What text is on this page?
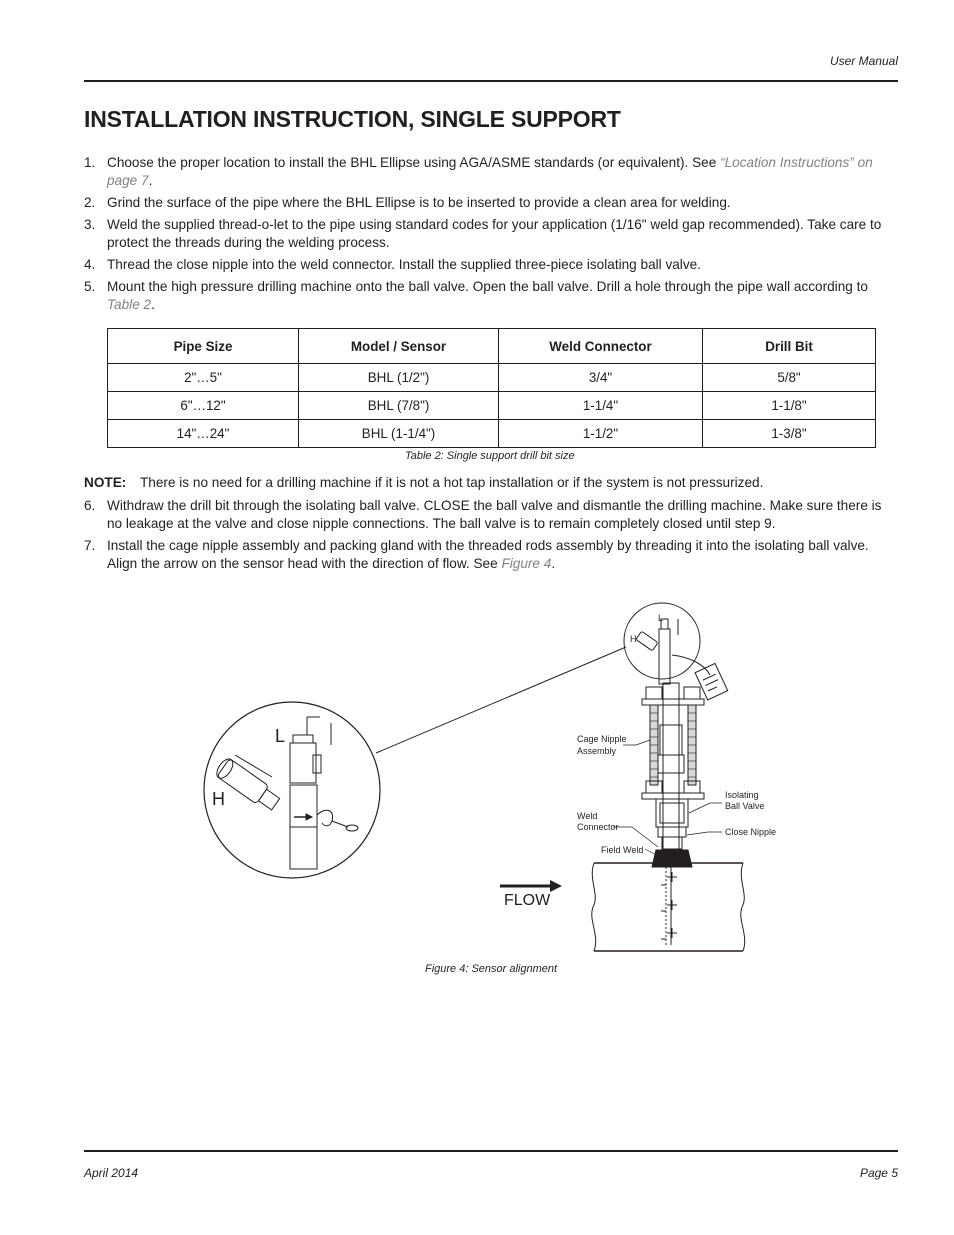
User Manual
INSTALLATION INSTRUCTION, SINGLE SUPPORT
1. Choose the proper location to install the BHL Ellipse using AGA/ASME standards (or equivalent). See “Location Instructions” on page 7.
2. Grind the surface of the pipe where the BHL Ellipse is to be inserted to provide a clean area for welding.
3. Weld the supplied thread-o-let to the pipe using standard codes for your application (1/16" weld gap recommended). Take care to protect the threads during the welding process.
4. Thread the close nipple into the weld connector. Install the supplied three-piece isolating ball valve.
5. Mount the high pressure drilling machine onto the ball valve. Open the ball valve. Drill a hole through the pipe wall according to Table 2.
Pipe Size	Model / Sensor	Weld Connector	Drill Bit
2"…5"	BHL (1/2")	3/4"	5/8"
6"…12"	BHL (7/8")	1-1/4"	1-1/8"
14"…24"	BHL (1-1/4")	1-1/2"	1-3/8"
Table 2: Single support drill bit size
NOTE: There is no need for a drilling machine if it is not a hot tap installation or if the system is not pressurized.
6. Withdraw the drill bit through the isolating ball valve. CLOSE the ball valve and dismantle the drilling machine. Make sure there is no leakage at the valve and close nipple connections. The ball valve is to remain completely closed until step 9.
7. Install the cage nipple assembly and packing gland with the threaded rods assembly by threading it into the isolating ball valve. Align the arrow on the sensor head with the direction of flow. See Figure 4.
L
H
L
H
Cage Nipple
Assembly
Weld
Connector
Field Weld
Isolating
Ball Valve
Close Nipple
FLOW
Figure 4: Sensor alignment
April 2014	Page 5
